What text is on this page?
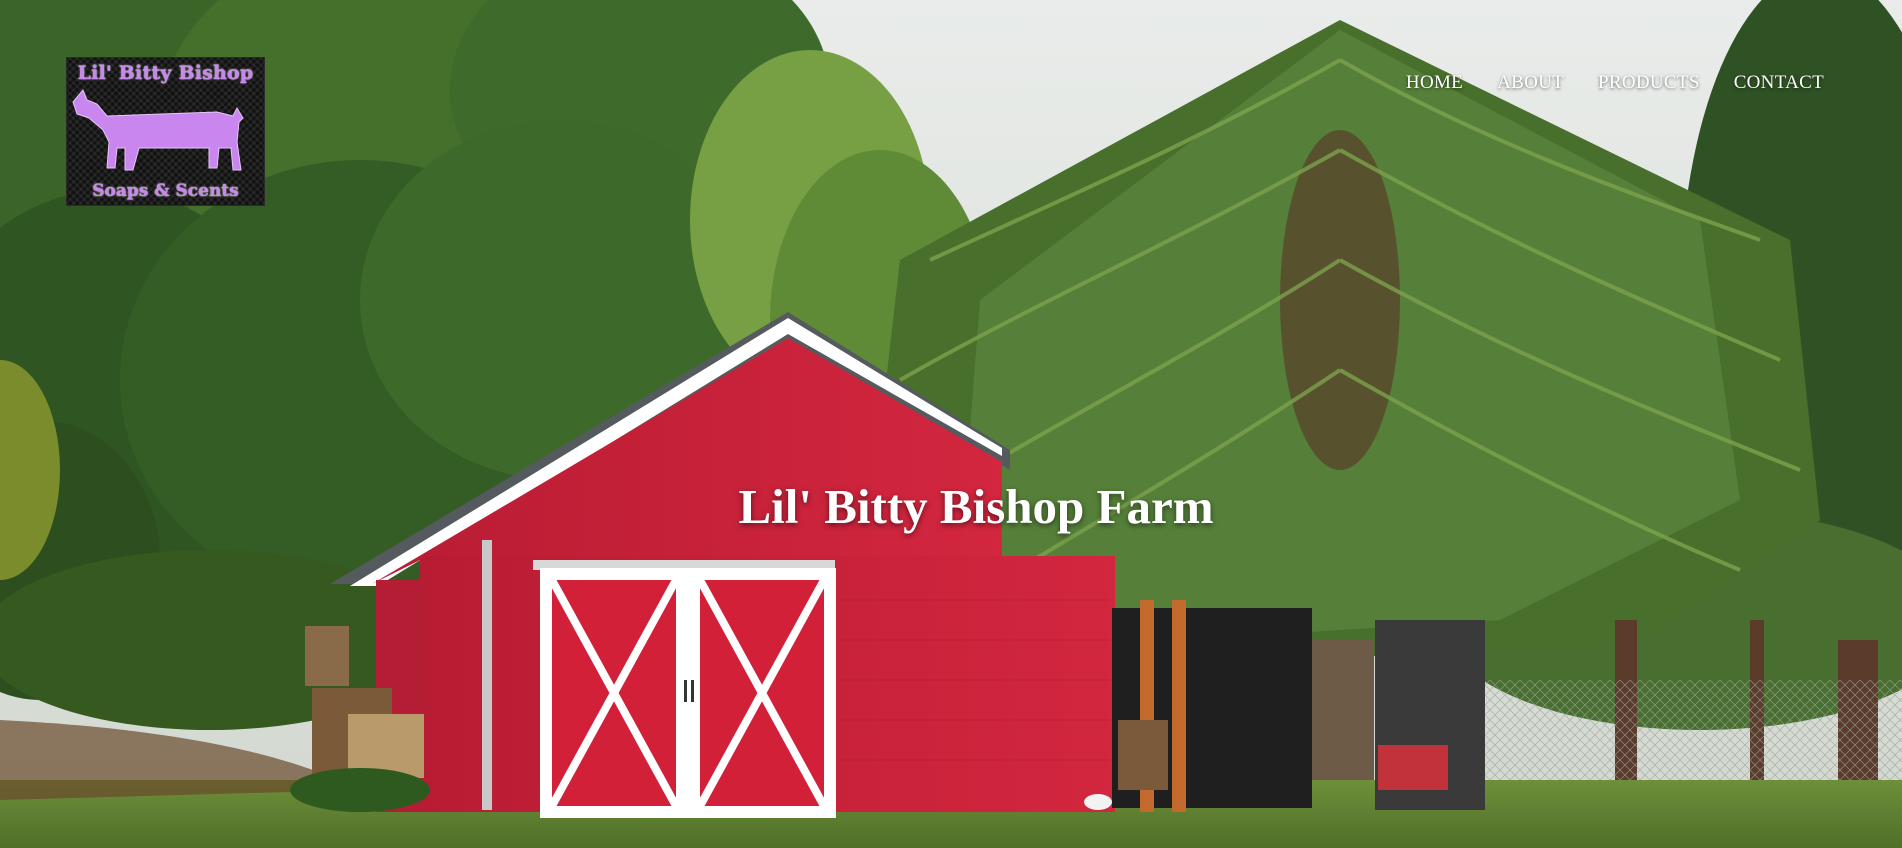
Lil' Bitty Bishop
Soaps & Scents
HOME ABOUT PRODUCTS CONTACT
Lil' Bitty Bishop Farm
